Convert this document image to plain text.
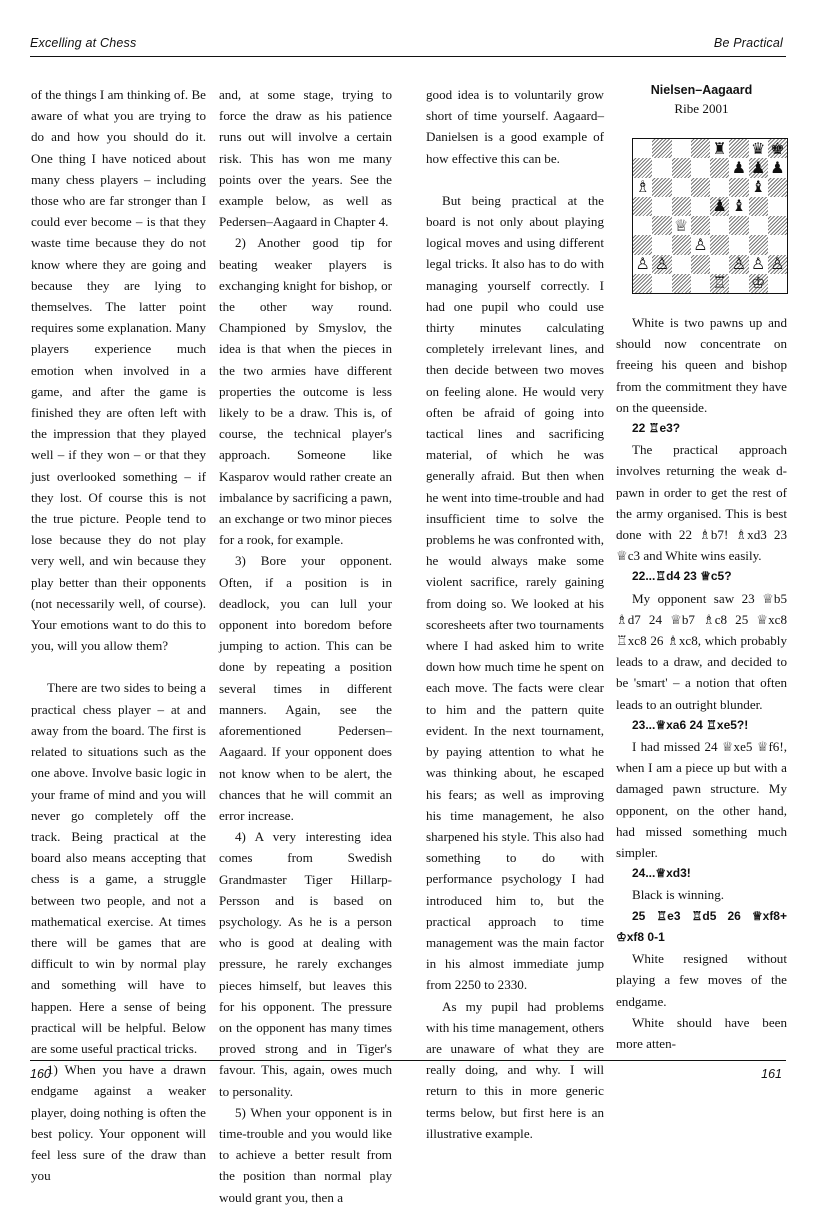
Excelling at Chess	Be Practical

of the things I am thinking of. Be aware of what you are trying to do and how you should do it. One thing I have noticed about many chess players – including those who are far stronger than I could ever become – is that they waste time because they do not know where they are going and because they are lying to themselves. The latter point requires some explanation. Many players experience much emotion when involved in a game, and after the game is finished they are often left with the impression that they played well – if they won – or that they just overlooked something – if they lost. Of course this is not the true picture. People tend to lose because they do not play very well, and win because they play better than their opponents (not necessarily well, of course). Your emotions want to do this to you, will you allow them?

There are two sides to being a practical chess player – at and away from the board. The first is related to situations such as the one above. Involve basic logic in your frame of mind and you will never go completely off the track. Being practical at the board also means accepting that chess is a game, a struggle between two people, and not a mathematical exercise. At times there will be games that are difficult to win by normal play and something will have to happen. Here a sense of being practical will be helpful. Below are some useful practical tricks.

1) When you have a drawn endgame against a weaker player, doing nothing is often the best policy. Your opponent will feel less sure of the draw than you

and, at some stage, trying to force the draw as his patience runs out will involve a certain risk. This has won me many points over the years. See the example below, as well as Pedersen–Aagaard in Chapter 4.

2) Another good tip for beating weaker players is exchanging knight for bishop, or the other way round. Championed by Smyslov, the idea is that when the pieces in the two armies have different properties the outcome is less likely to be a draw. This is, of course, the technical player's approach. Someone like Kasparov would rather create an imbalance by sacrificing a pawn, an exchange or two minor pieces for a rook, for example.

3) Bore your opponent. Often, if a position is in deadlock, you can lull your opponent into boredom before jumping to action. This can be done by repeating a position several times in different manners. Again, see the aforementioned Pedersen–Aagaard. If your opponent does not know when to be alert, the chances that he will commit an error increase.

4) A very interesting idea comes from Swedish Grandmaster Tiger Hillarp-Persson and is based on psychology. As he is a person who is good at dealing with pressure, he rarely exchanges pieces himself, but leaves this for his opponent. The pressure on the opponent has many times proved strong and in Tiger's favour. This, again, owes much to personality.

5) When your opponent is in time-trouble and you would like to achieve a better result from the position than normal play would grant you, then a

good idea is to voluntarily grow short of time yourself. Aagaard–Danielsen is a good example of how effective this can be.

But being practical at the board is not only about playing logical moves and using different legal tricks. It also has to do with managing yourself correctly. I had one pupil who could use thirty minutes calculating completely irrelevant lines, and then decide between two moves on feeling alone. He would very often be afraid of going into tactical lines and sacrificing material, of which he was generally afraid. But then when he went into time-trouble and had insufficient time to solve the problems he was confronted with, he would always make some violent sacrifice, rarely gaining from doing so. We looked at his scoresheets after two tournaments where I had asked him to write down how much time he spent on each move. The facts were clear to him and the pattern quite evident. In the next tournament, by paying attention to what he was thinking about, he escaped his fears; as well as improving his time management, he also sharpened his style. This also had something to do with performance psychology I had introduced him to, but the practical approach to time management was the main factor in his almost immediate jump from 2250 to 2330.

As my pupil had problems with his time management, others are unaware of what they are really doing, and why. I will return to this in more generic terms below, but first here is an illustrative example.

Nielsen–Aagaard
Ribe 2001
♜ ♛ ♚
♟ ♟ ♟
♗	♝
♟ ♝
♕
♙
♙ ♙	♙ ♙ ♙
♖ ♔

White is two pawns up and should now concentrate on freeing his queen and bishop from the commitment they have on the queenside.

22 ♖e3?

The practical approach involves returning the weak d-pawn in order to get the rest of the army organised. This is best done with 22 ♗b7! ♗xd3 23 ♕c3 and White wins easily.

22...♖d4 23 ♕c5?

My opponent saw 23 ♕b5 ♗d7 24 ♕b7 ♗c8 25 ♕xc8 ♖xc8 26 ♗xc8, which probably leads to a draw, and decided to be 'smart' – a notion that often leads to an outright blunder.

23...♕xa6 24 ♖xe5?!

I had missed 24 ♕xe5 ♕f6!, when I am a piece up but with a damaged pawn structure. My opponent, on the other hand, had missed something much simpler.

24...♕xd3!

Black is winning.

25 ♖e3 ♖d5 26 ♕xf8+ ♔xf8 0-1

White resigned without playing a few moves of the endgame.

White should have been more atten-

160	161
